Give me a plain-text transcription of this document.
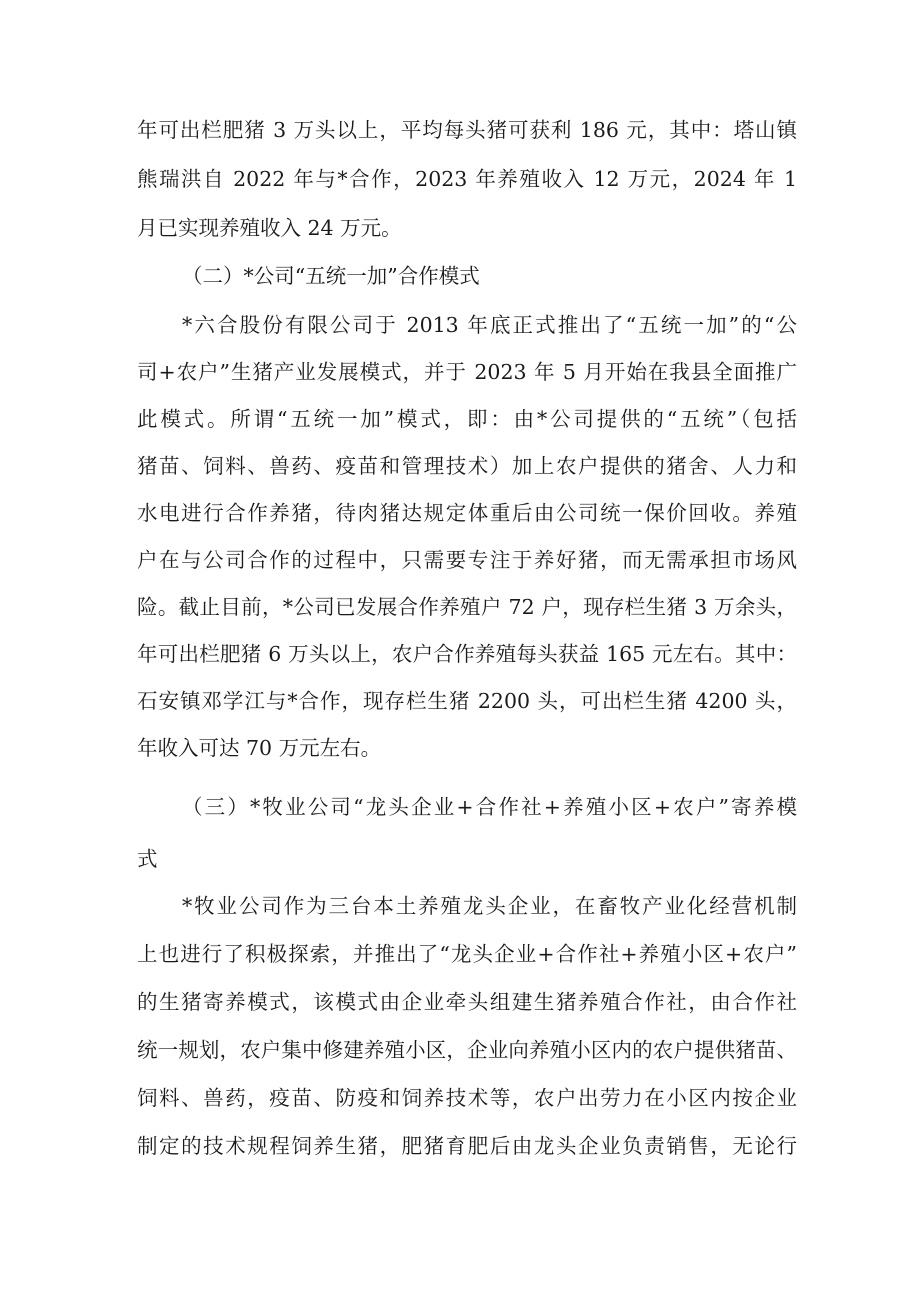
年可出栏肥猪 3 万头以上，平均每头猪可获利 186 元，其中：塔山镇
熊瑞洪自 2022 年与*合作，2023 年养殖收入 12 万元，2024 年 1
月已实现养殖收入 24 万元。
（二）*公司“五统一加”合作模式
*六合股份有限公司于 2013 年底正式推出了“五统一加”的“公
司+农户”生猪产业发展模式，并于 2023 年 5 月开始在我县全面推广
此模式。所谓“五统一加”模式，即：由*公司提供的“五统”（包括
猪苗、饲料、兽药、疫苗和管理技术）加上农户提供的猪舍、人力和
水电进行合作养猪，待肉猪达规定体重后由公司统一保价回收。养殖
户在与公司合作的过程中，只需要专注于养好猪，而无需承担市场风
险。截止目前，*公司已发展合作养殖户 72 户，现存栏生猪 3 万余头，
年可出栏肥猪 6 万头以上，农户合作养殖每头获益 165 元左右。其中：
石安镇邓学江与*合作，现存栏生猪 2200 头，可出栏生猪 4200 头，
年收入可达 70 万元左右。
（三）*牧业公司“龙头企业+合作社+养殖小区+农户”寄养模
式
*牧业公司作为三台本土养殖龙头企业，在畜牧产业化经营机制
上也进行了积极探索，并推出了“龙头企业+合作社+养殖小区+农户”
的生猪寄养模式，该模式由企业牵头组建生猪养殖合作社，由合作社
统一规划，农户集中修建养殖小区，企业向养殖小区内的农户提供猪苗、
饲料、兽药，疫苗、防疫和饲养技术等，农户出劳力在小区内按企业
制定的技术规程饲养生猪，肥猪育肥后由龙头企业负责销售，无论行
